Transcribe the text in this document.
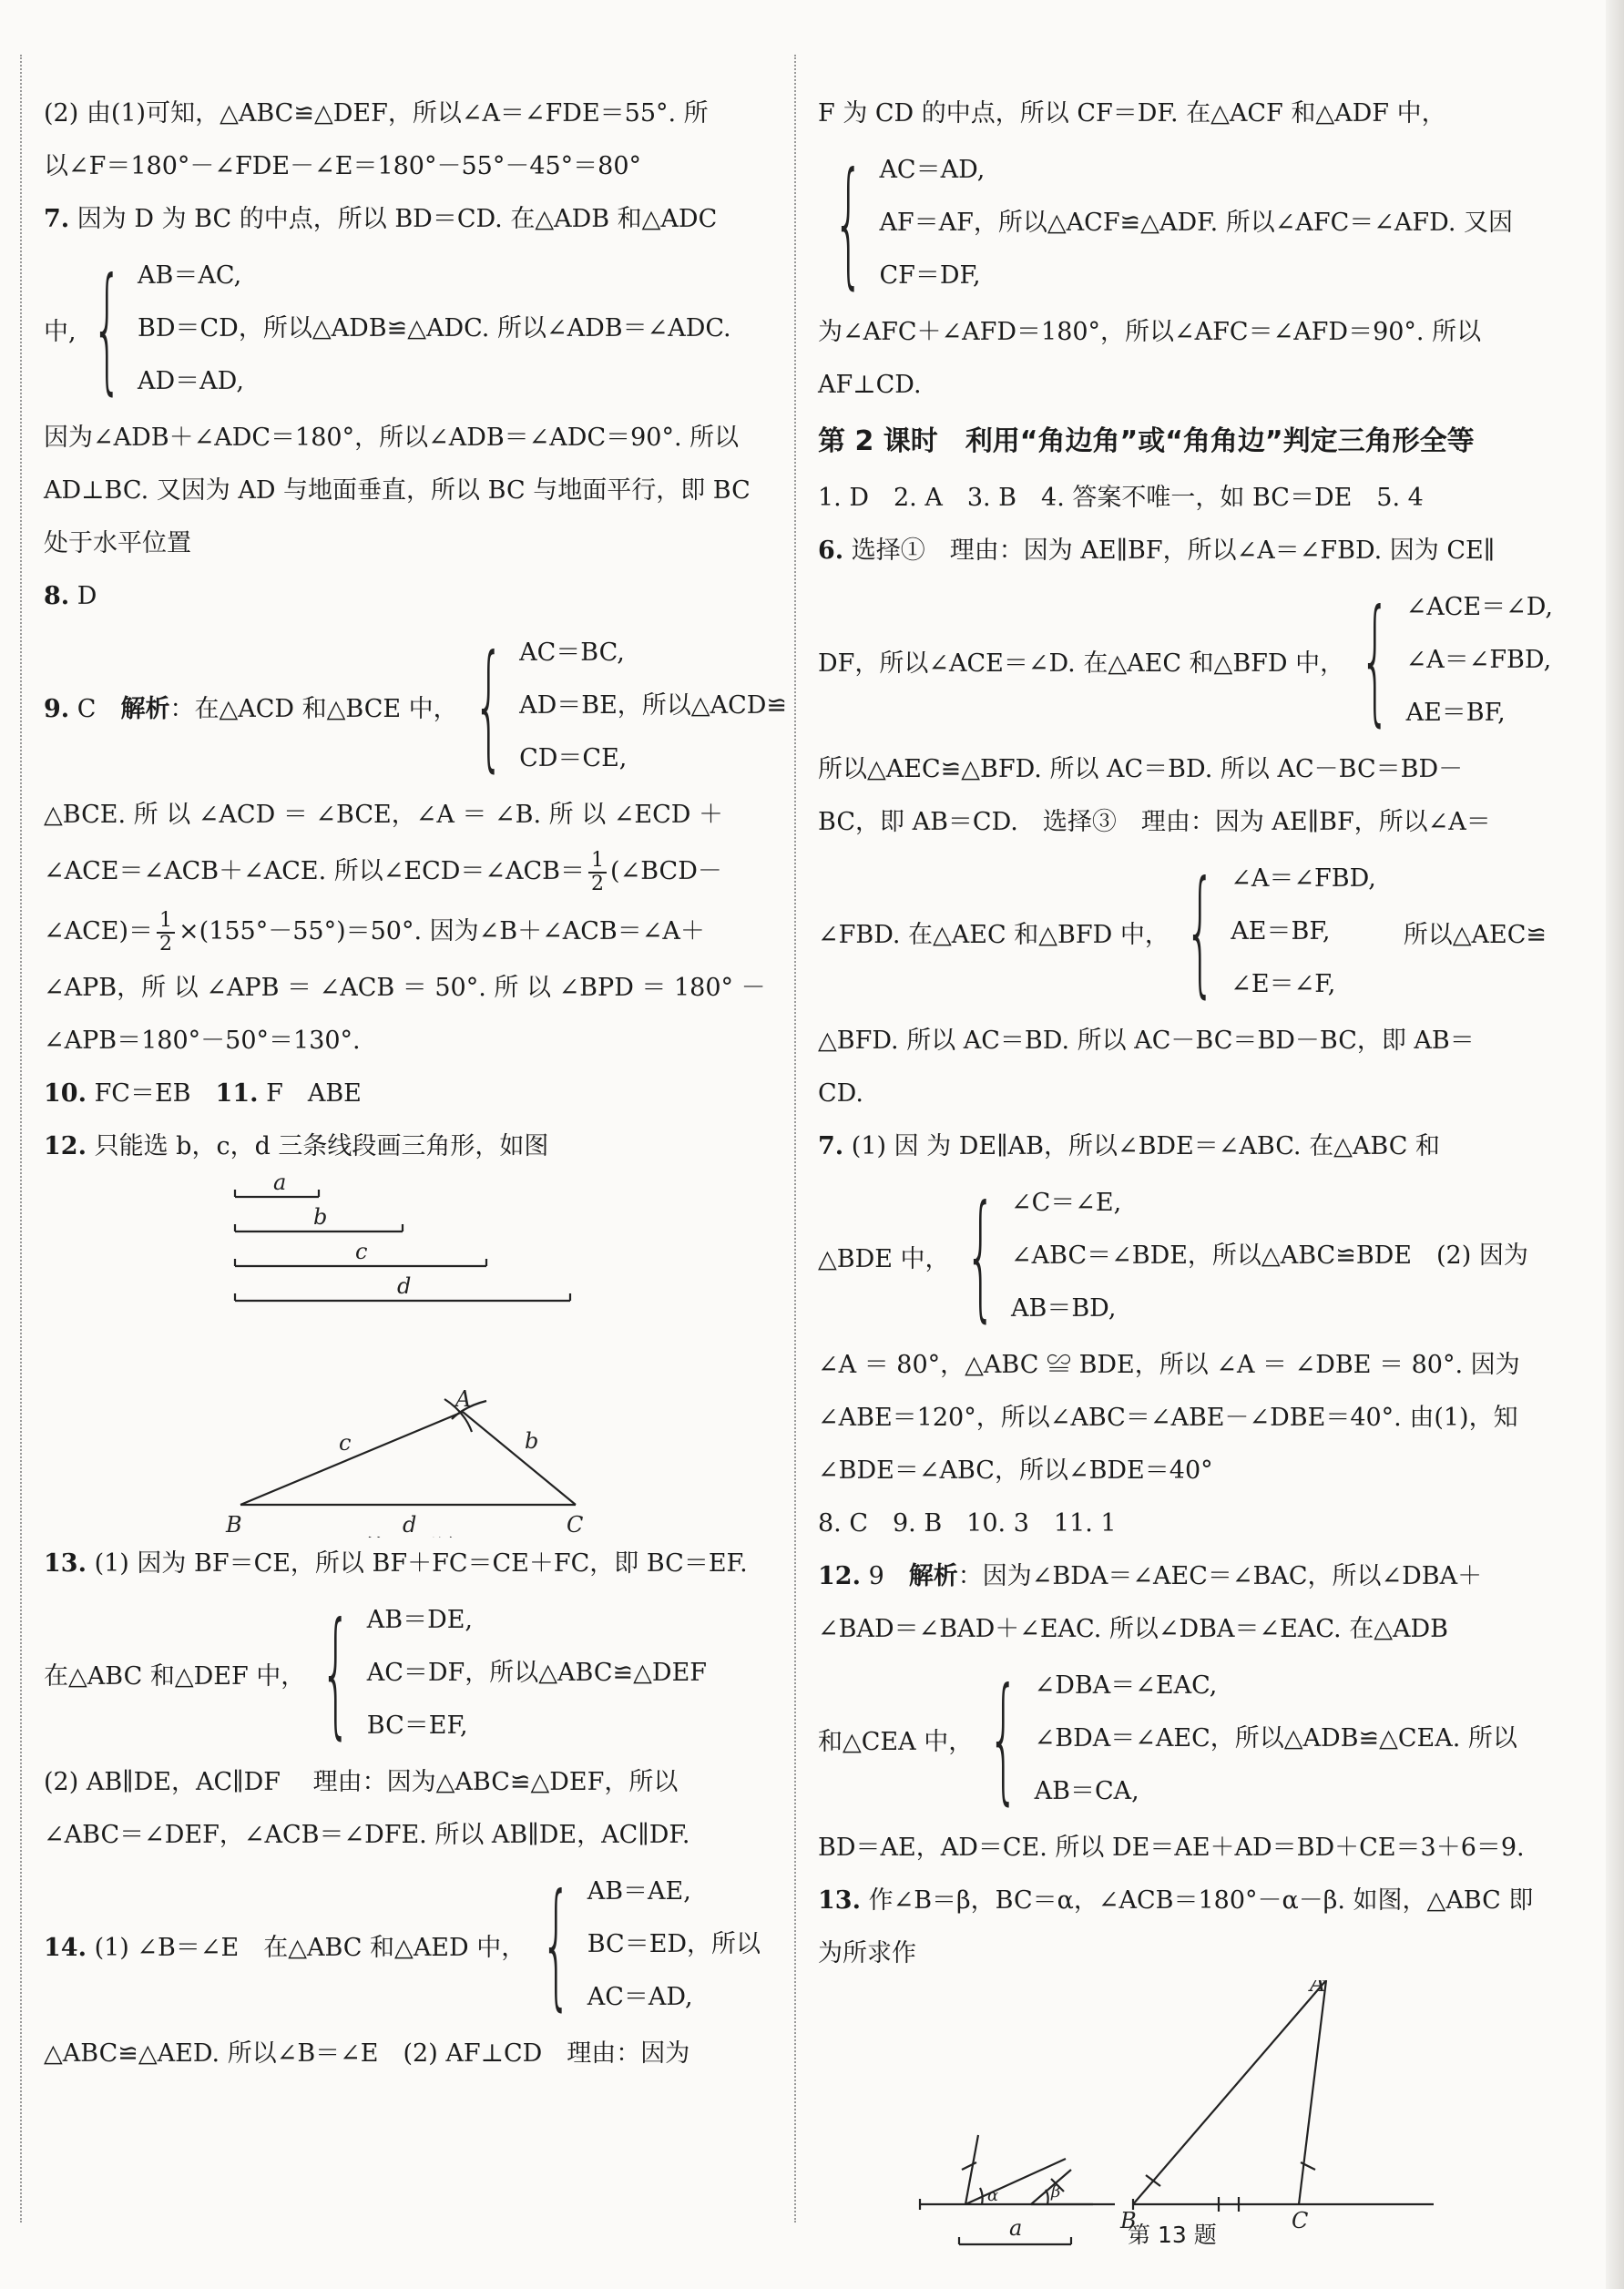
(2) 由(1)可知，△ABC≌△DEF，所以∠A＝∠FDE＝55°. 所
以∠F＝180°－∠FDE－∠E＝180°－55°－45°＝80°
7. 因为 D 为 BC 的中点，所以 BD＝CD. 在△ADB 和△ADC
中, { AB＝AC,
BD＝CD，所以△ADB≌△ADC. 所以∠ADB＝∠ADC.
AD＝AD,
因为∠ADB＋∠ADC＝180°，所以∠ADB＝∠ADC＝90°. 所以
AD⊥BC. 又因为 AD 与地面垂直，所以 BC 与地面平行，即 BC
处于水平位置
8. D
9. C　 解析：在△ACD 和△BCE 中， { AC＝BC,
AD＝BE，所以△ACD≌
CD＝CE,
△BCE. 所 以 ∠ACD ＝ ∠BCE，∠A ＝ ∠B. 所 以 ∠ECD ＋
∠ACE＝∠ACB＋∠ACE. 所以∠ECD＝∠ACB＝ $\frac{1}{2}$ (∠BCD－
∠ACE)＝ $\frac{1}{2} \times(155^\circ-55^\circ)=50^\circ$. 因为∠B＋∠ACB＝∠A＋
∠APB，所 以 ∠APB ＝ ∠ACB ＝ 50°. 所 以 ∠BPD ＝ 180° －
∠APB＝180°－50°＝130°.
10. FC＝EB　 11. F　ABE
12. 只能选 b，c，d 三条线段画三角形，如图
a
b
c
d
A
B	C
c	b
d
13. (1) 因为 BF＝CE，所以 BF＋FC＝CE＋FC，即 BC＝EF.
在△ABC 和△DEF 中， { AB＝DE,
AC＝DF，所以△ABC≌△DEF
BC＝EF,
(2) AB∥DE，AC∥DF　 理由：因为△ABC≌△DEF，所以
∠ABC＝∠DEF，∠ACB＝∠DFE. 所以 AB∥DE，AC∥DF.
14. (1) ∠B＝∠E　在△ABC 和△AED 中， { AB＝AE,
BC＝ED，所以
AC＝AD,
△ABC≌△AED. 所以∠B＝∠E　(2) AF⊥CD　理由：因为
F 为 CD 的中点，所以 CF＝DF. 在△ACF 和△ADF 中，
{ AC＝AD,
AF＝AF，所以△ACF≌△ADF. 所以∠AFC＝∠AFD. 又因
CF＝DF,
为∠AFC＋∠AFD＝180°，所以∠AFC＝∠AFD＝90°. 所以
AF⊥CD.
第 2 课时　利用“角边角”或“角角边”判定三角形全等
1. D　2. A　3. B　4. 答案不唯一，如 BC＝DE　5. 4
6. 选择①　理由：因为 AE∥BF，所以∠A＝∠FBD. 因为 CE∥
DF，所以∠ACE＝∠D. 在△AEC 和△BFD 中， { ∠ACE＝∠D,
∠A＝∠FBD,
AE＝BF,
所以△AEC≌△BFD. 所以 AC＝BD. 所以 AC－BC＝BD－
BC，即 AB＝CD.　选择③　理由：因为 AE∥BF，所以∠A＝
∠FBD. 在△AEC 和△BFD 中， { ∠A＝∠FBD,
AE＝BF,
∠E＝∠F,
所以△AEC≌
△BFD. 所以 AC＝BD. 所以 AC－BC＝BD－BC，即 AB＝
CD.
7. (1) 因 为 DE∥AB，所以∠BDE＝∠ABC. 在△ABC 和
△BDE 中， { ∠C＝∠E,
∠ABC＝∠BDE，所以△ABC≌BDE　(2) 因为
AB＝BD,
∠A ＝ 80°，△ABC ≌ BDE，所以 ∠A ＝ ∠DBE ＝ 80°. 因为
∠ABE＝120°，所以∠ABC＝∠ABE－∠DBE＝40°. 由(1)，知
∠BDE＝∠ABC，所以∠BDE＝40°
8. C　9. B　10. 3　11. 1
12. 9　解析：因为∠BDA＝∠AEC＝∠BAC，所以∠DBA＋
∠BAD＝∠BAD＋∠EAC. 所以∠DBA＝∠EAC. 在△ADB
和△CEA 中， { ∠DBA＝∠EAC,
∠BDA＝∠AEC，所以△ADB≌△CEA. 所以
AB＝CA,
BD＝AE，AD＝CE. 所以 DE＝AE＋AD＝BD＋CE＝3＋6＝9.
13. 作∠B＝β，BC＝α，∠ACB＝180°－α－β. 如图，△ABC 即
为所求作
α	β
a
A
B	C
第 13 题
